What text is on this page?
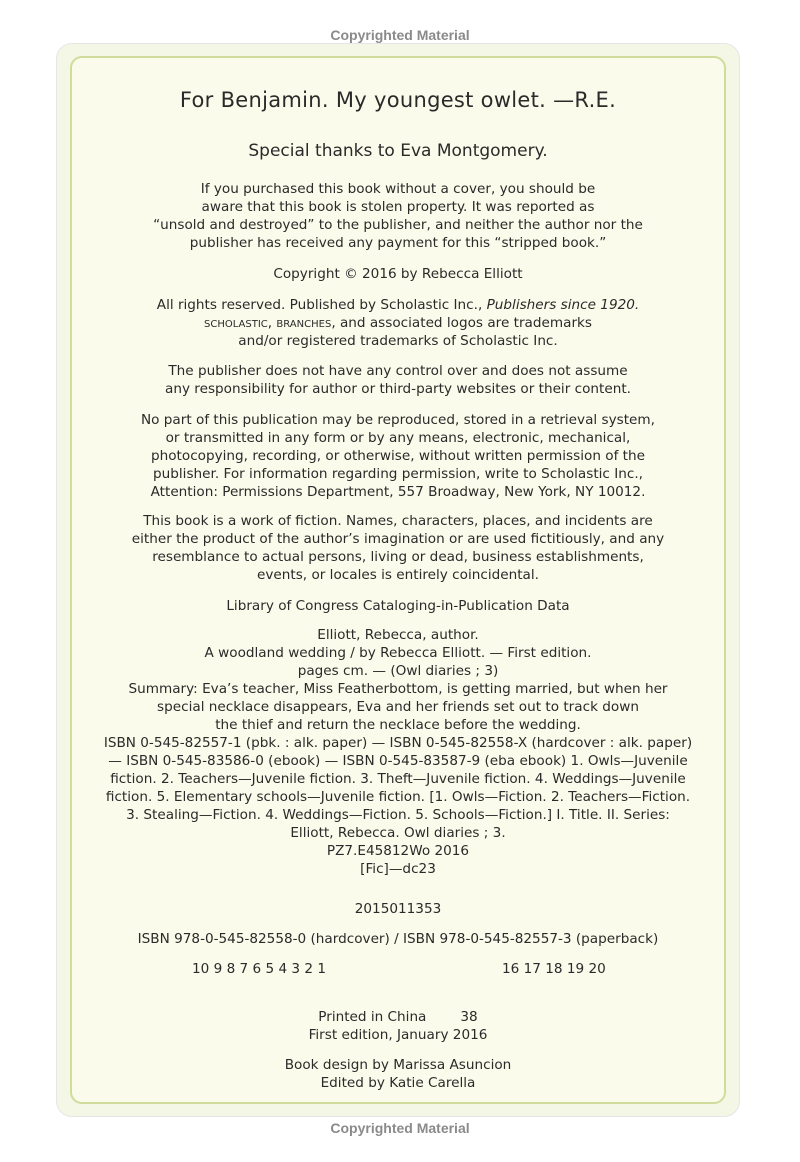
Copyrighted Material
For Benjamin. My youngest owlet. —R.E.
Special thanks to Eva Montgomery.
If you purchased this book without a cover, you should be
aware that this book is stolen property. It was reported as
“unsold and destroyed” to the publisher, and neither the author nor the
publisher has received any payment for this “stripped book.”
Copyright © 2016 by Rebecca Elliott
All rights reserved. Published by Scholastic Inc., Publishers since 1920.
scholastic, branches, and associated logos are trademarks
and/or registered trademarks of Scholastic Inc.
The publisher does not have any control over and does not assume
any responsibility for author or third-party websites or their content.
No part of this publication may be reproduced, stored in a retrieval system,
or transmitted in any form or by any means, electronic, mechanical,
photocopying, recording, or otherwise, without written permission of the
publisher. For information regarding permission, write to Scholastic Inc.,
Attention: Permissions Department, 557 Broadway, New York, NY 10012.
This book is a work of fiction. Names, characters, places, and incidents are
either the product of the author’s imagination or are used fictitiously, and any
resemblance to actual persons, living or dead, business establishments,
events, or locales is entirely coincidental.
Library of Congress Cataloging-in-Publication Data
Elliott, Rebecca, author.
A woodland wedding / by Rebecca Elliott. — First edition.
pages cm. — (Owl diaries ; 3)
Summary: Eva’s teacher, Miss Featherbottom, is getting married, but when her
special necklace disappears, Eva and her friends set out to track down
the thief and return the necklace before the wedding.
ISBN 0-545-82557-1 (pbk. : alk. paper) — ISBN 0-545-82558-X (hardcover : alk. paper)
— ISBN 0-545-83586-0 (ebook) — ISBN 0-545-83587-9 (eba ebook) 1. Owls—Juvenile
fiction. 2. Teachers—Juvenile fiction. 3. Theft—Juvenile fiction. 4. Weddings—Juvenile
fiction. 5. Elementary schools—Juvenile fiction. [1. Owls—Fiction. 2. Teachers—Fiction.
3. Stealing—Fiction. 4. Weddings—Fiction. 5. Schools—Fiction.] I. Title. II. Series:
Elliott, Rebecca. Owl diaries ; 3.
PZ7.E45812Wo 2016
[Fic]—dc23
2015011353
ISBN 978-0-545-82558-0 (hardcover) / ISBN 978-0-545-82557-3 (paperback)
10 9 8 7 6 5 4 3 2 1	16 17 18 19 20
Printed in China	38
First edition, January 2016
Book design by Marissa Asuncion
Edited by Katie Carella
Copyrighted Material
